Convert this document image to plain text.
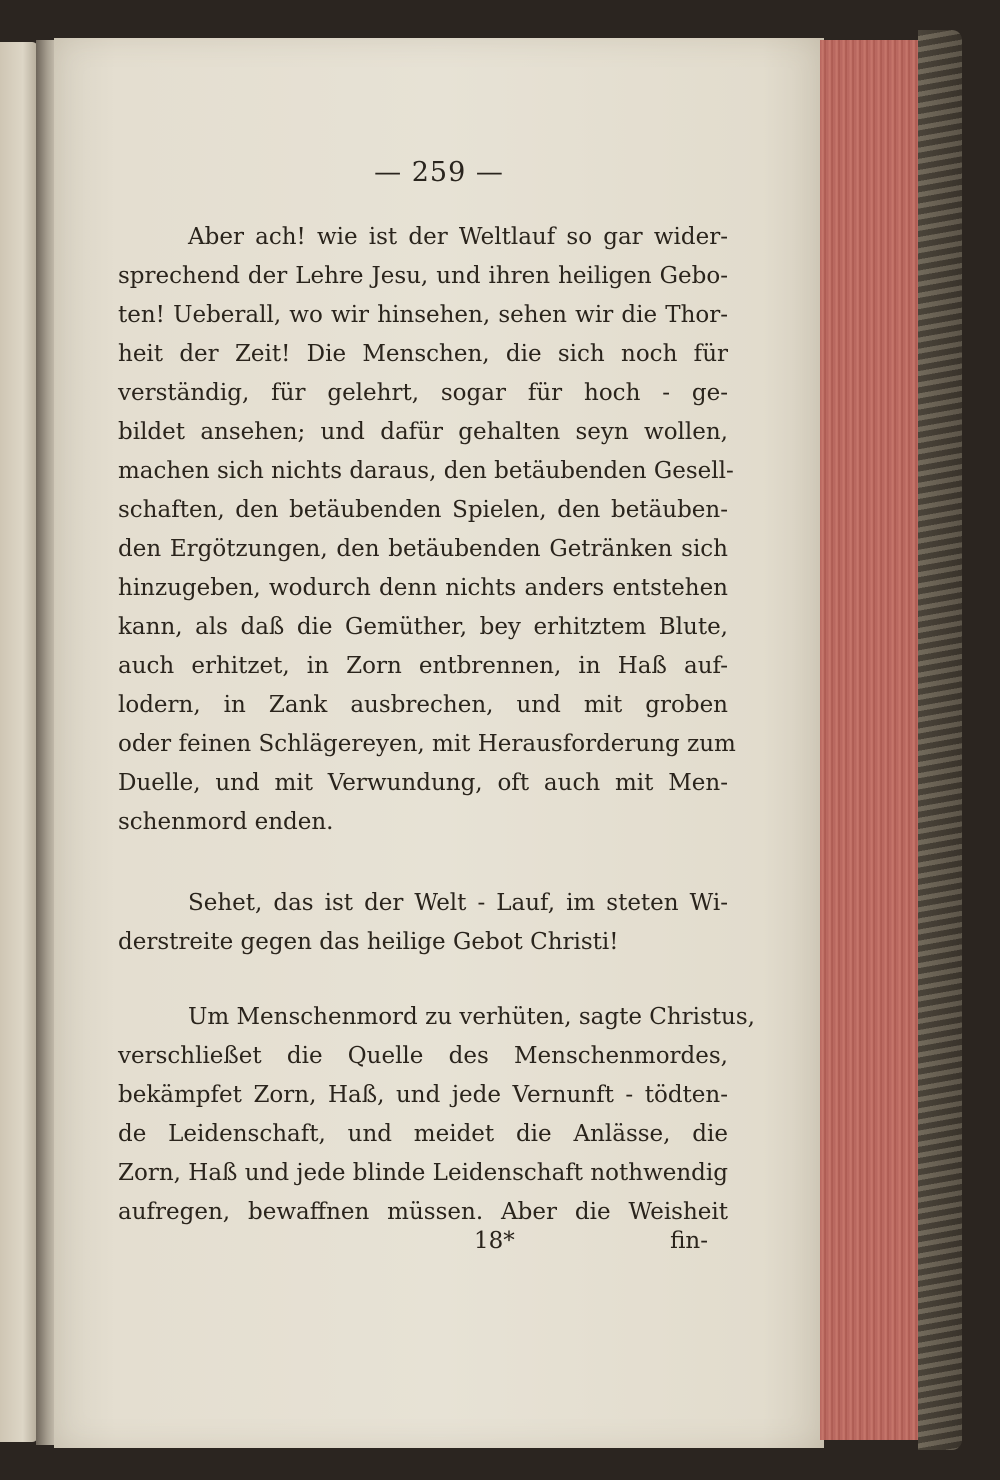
— 259 —
Aber ach! wie ist der Weltlauf so gar wider-
sprechend der Lehre Jesu, und ihren heiligen Gebo-
ten! Ueberall, wo wir hinsehen, sehen wir die Thor-
heit der Zeit! Die Menschen, die sich noch für
verständig, für gelehrt, sogar für hoch - ge-
bildet ansehen; und dafür gehalten seyn wollen,
machen sich nichts daraus, den betäubenden Gesell-
schaften, den betäubenden Spielen, den betäuben-
den Ergötzungen, den betäubenden Getränken sich
hinzugeben, wodurch denn nichts anders entstehen
kann, als daß die Gemüther, bey erhitztem Blute,
auch erhitzet, in Zorn entbrennen, in Haß auf-
lodern, in Zank ausbrechen, und mit groben
oder feinen Schlägereyen, mit Herausforderung zum
Duelle, und mit Verwundung, oft auch mit Men-
schenmord enden.
Sehet, das ist der Welt - Lauf, im steten Wi-
derstreite gegen das heilige Gebot Christi!
Um Menschenmord zu verhüten, sagte Christus,
verschließet die Quelle des Menschenmordes,
bekämpfet Zorn, Haß, und jede Vernunft - tödten-
de Leidenschaft, und meidet die Anlässe, die
Zorn, Haß und jede blinde Leidenschaft nothwendig
aufregen, bewaffnen müssen. Aber die Weisheit
18*	fin-
